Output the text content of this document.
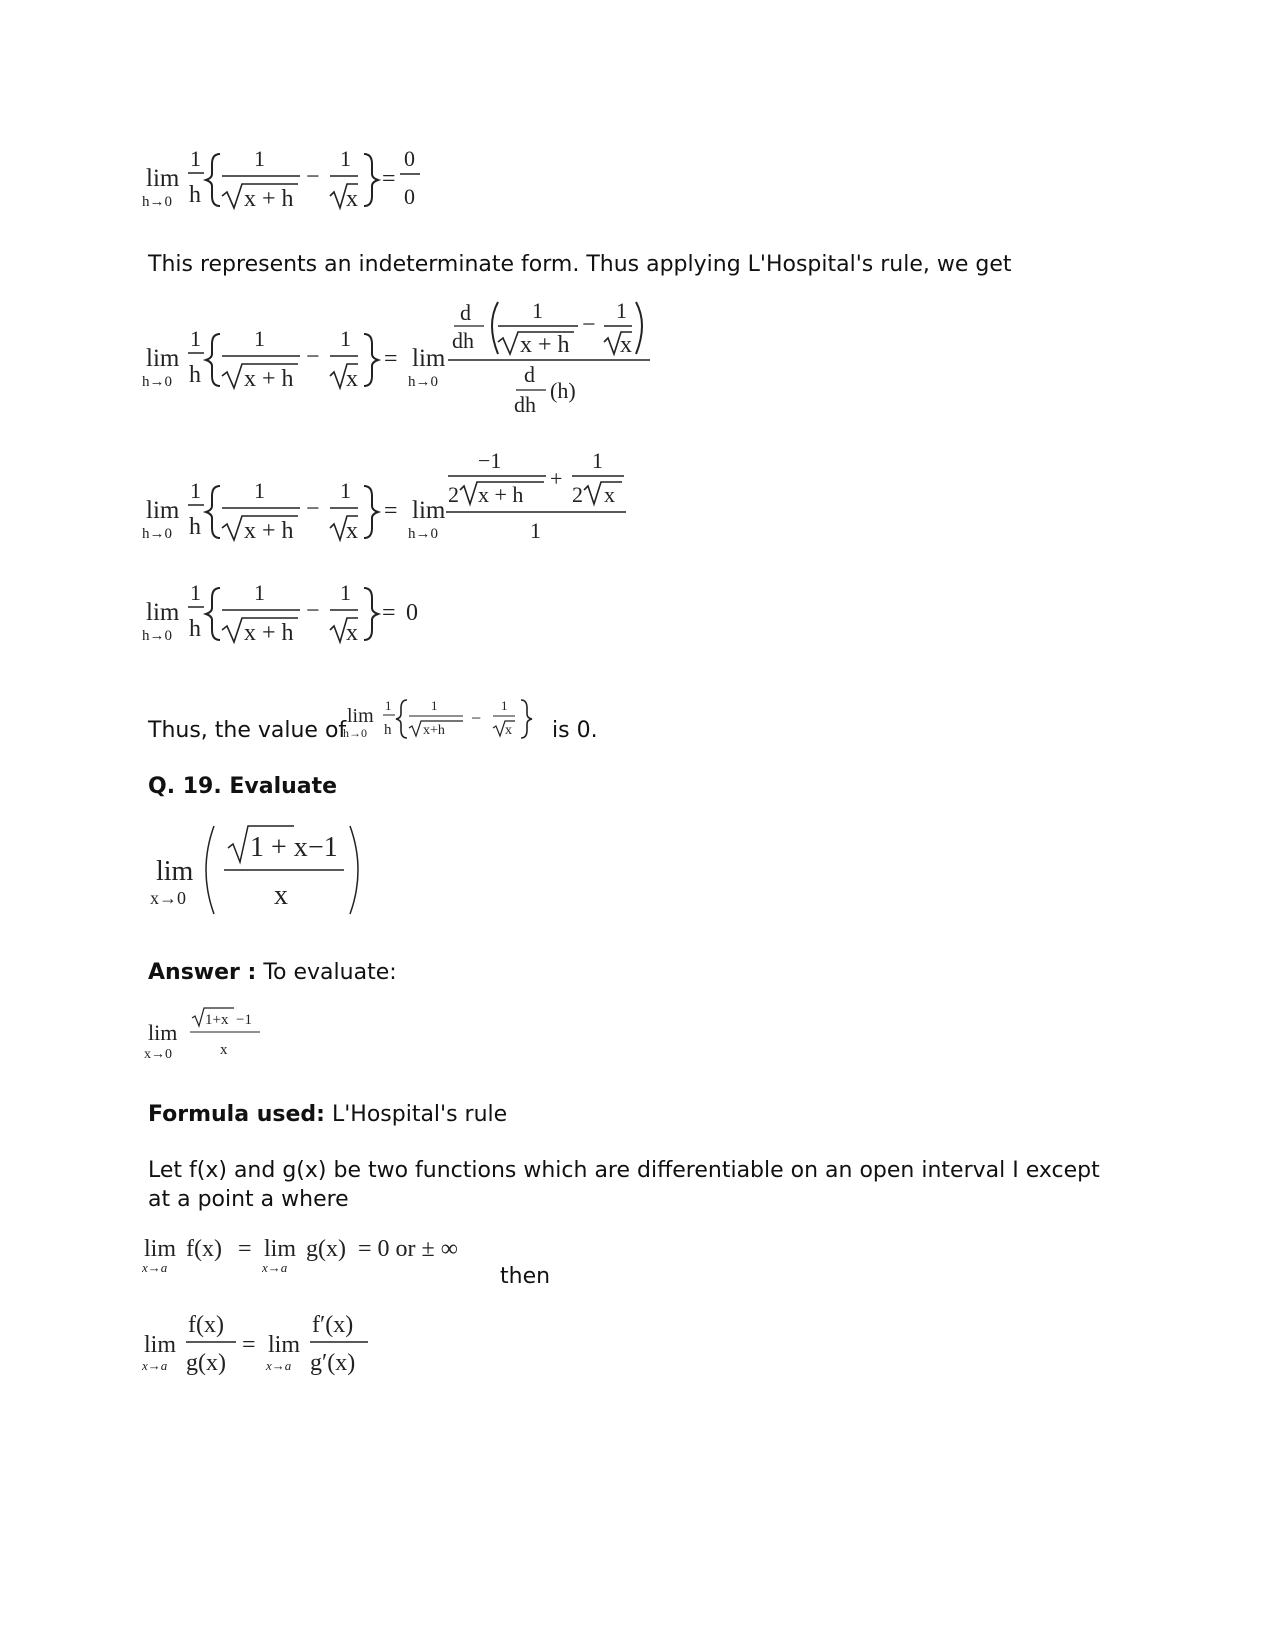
lim
h→0
1
h
1
x + h
−
1
x
=
0
0
This represents an indeterminate form. Thus applying L'Hospital's rule, we get
lim
h→0
1
h
1
x + h
−
1
x
= lim
h→0
d
dh
1
x + h
−
1
x
d
dh
(h)
lim
h→0
1
h
1
x + h
−
1
x
= lim
h→0
−1
2 x + h
+
1
2 x
1
lim
h→0
1
h
1
x + h
−
1
x
= 0
Thus, the value of
lim
h→0
1
h
1
x+h
−
1
x is 0.
Q. 19. Evaluate
lim
x→0
1 + x −1
x
Answer : To evaluate:
lim
x→0
1+x −1
x
Formula used: L'Hospital's rule
Let f(x) and g(x) be two functions which are differentiable on an open interval I except at a point a where
lim
x→a
f(x) = lim
x→a
g(x) = 0 or ± ∞
then
lim
x→a
f(x)
g(x)
= lim
x→a
f′(x)
g′(x)
